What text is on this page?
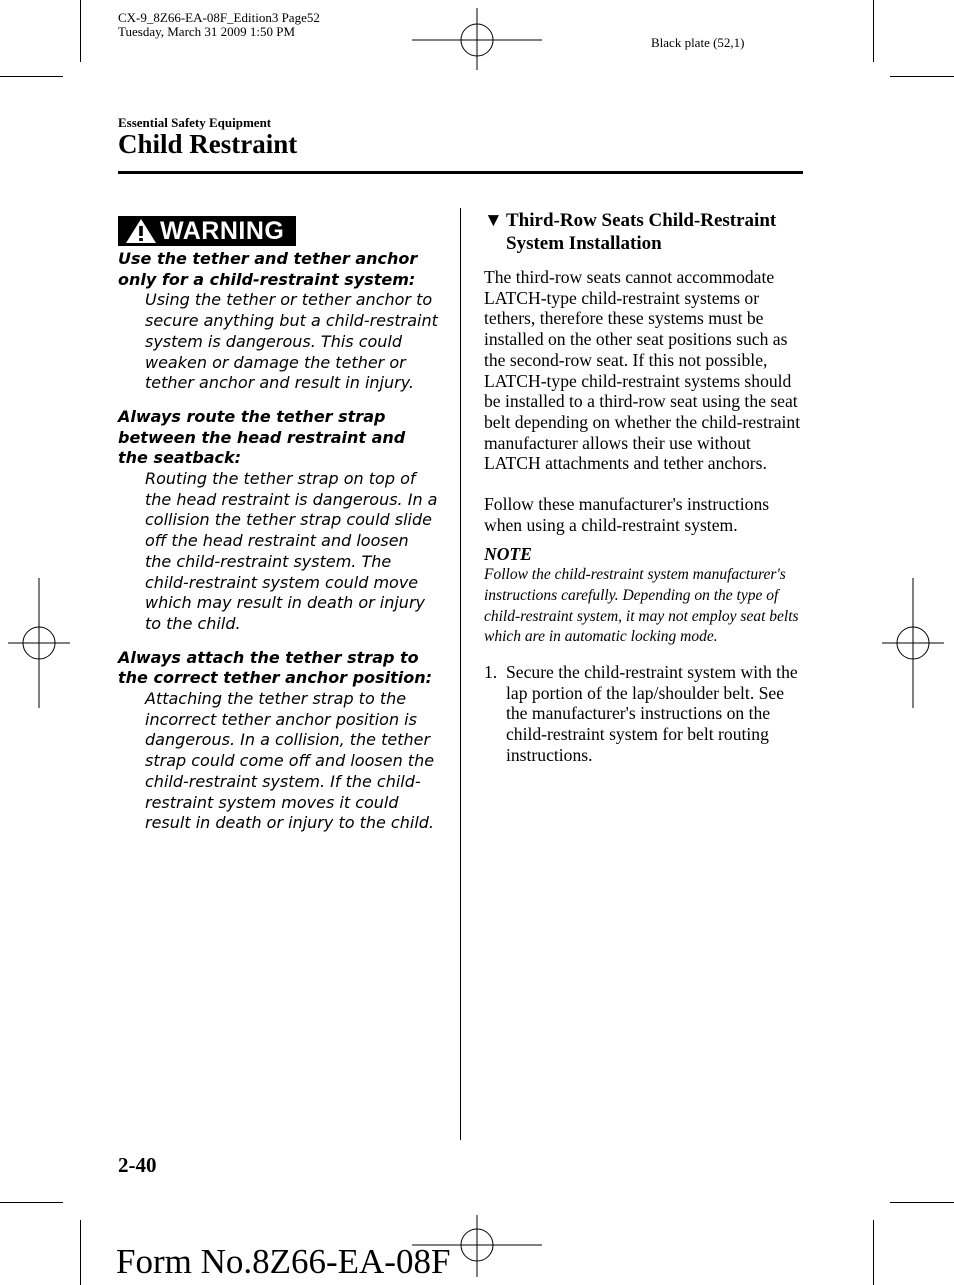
CX-9_8Z66-EA-08F_Edition3 Page52
Tuesday, March 31 2009 1:50 PM
Black plate (52,1)
Essential Safety Equipment
Child Restraint
WARNING
Use the tether and tether anchor only for a child-restraint system:
Using the tether or tether anchor to secure anything but a child-restraint system is dangerous. This could weaken or damage the tether or tether anchor and result in injury.
Always route the tether strap between the head restraint and the seatback:
Routing the tether strap on top of the head restraint is dangerous. In a collision the tether strap could slide off the head restraint and loosen the child-restraint system. The child-restraint system could move which may result in death or injury to the child.
Always attach the tether strap to the correct tether anchor position:
Attaching the tether strap to the incorrect tether anchor position is dangerous. In a collision, the tether strap could come off and loosen the child-restraint system. If the child-restraint system moves it could result in death or injury to the child.
▼ Third-Row Seats Child-Restraint System Installation
The third-row seats cannot accommodate LATCH-type child-restraint systems or tethers, therefore these systems must be installed on the other seat positions such as the second-row seat. If this not possible, LATCH-type child-restraint systems should be installed to a third-row seat using the seat belt depending on whether the child-restraint manufacturer allows their use without LATCH attachments and tether anchors.
Follow these manufacturer's instructions when using a child-restraint system.
NOTE
Follow the child-restraint system manufacturer's instructions carefully. Depending on the type of child-restraint system, it may not employ seat belts which are in automatic locking mode.
1. Secure the child-restraint system with the lap portion of the lap/shoulder belt. See the manufacturer's instructions on the child-restraint system for belt routing instructions.
2-40
Form No.8Z66-EA-08F
